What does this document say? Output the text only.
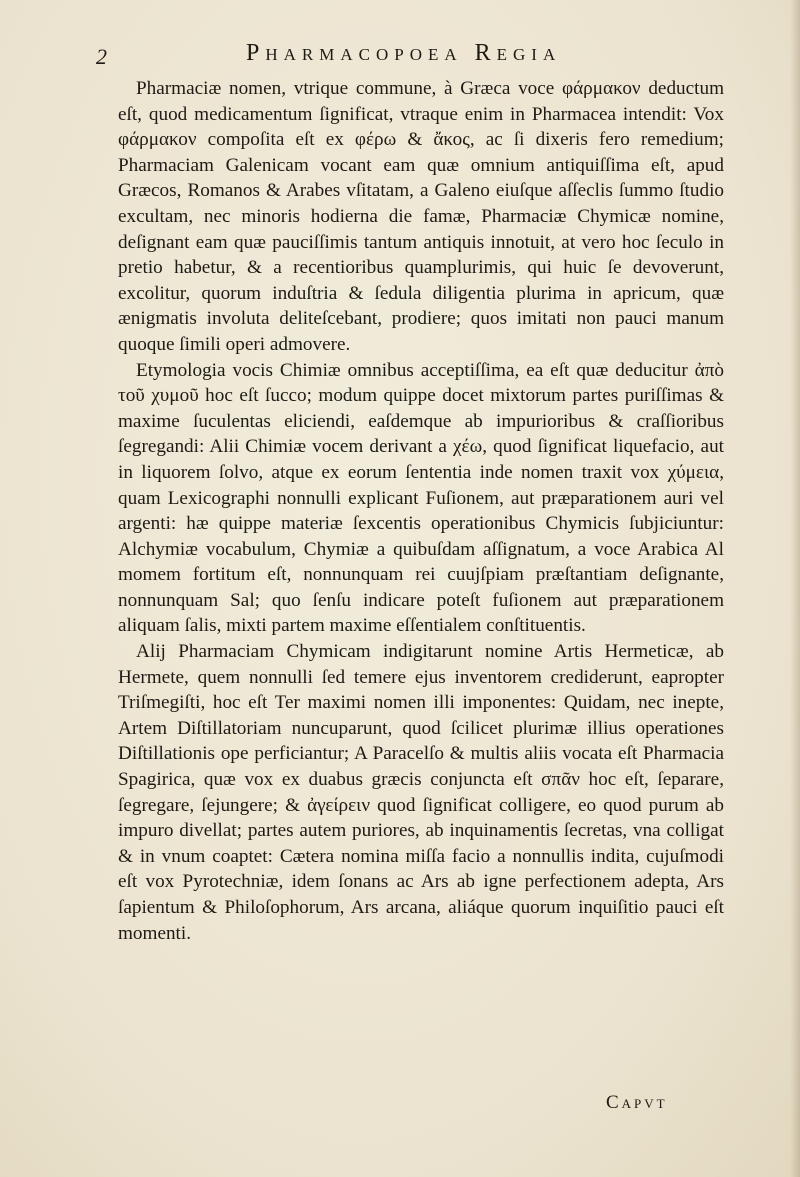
2	Pharmacopoea Regia

Pharmaciæ nomen, vtrique commune, à Græca voce φάρμακον deductum eſt, quod medicamentum ſignificat, vtraque enim in Pharmacea intendit: Vox φάρμακον compoſita eſt ex φέρω & ἄκος, ac ſi dixeris fero remedium; Pharmaciam Galenicam vocant eam quæ omnium antiquiſſima eſt, apud Græcos, Romanos & Arabes vſitatam, a Galeno eiuſque aſſeclis ſummo ſtudio excultam, nec minoris hodierna die famæ, Pharmaciæ Chymicæ nomine, deſignant eam quæ pauciſſimis tantum antiquis innotuit, at vero hoc ſeculo in pretio habetur, & a recentioribus quamplurimis, qui huic ſe devoverunt, excolitur, quorum induſtria & ſedula diligentia plurima in apricum, quæ ænigmatis involuta deliteſcebant, prodiere; quos imitati non pauci manum quoque ſimili operi admovere.

Etymologia vocis Chimiæ omnibus acceptiſſima, ea eſt quæ deducitur ἀπὸ τοῦ χυμοῦ hoc eſt ſucco; modum quippe docet mixtorum partes puriſſimas & maxime ſuculentas eliciendi, eaſdemque ab impurioribus & craſſioribus ſegregandi: Alii Chimiæ vocem derivant a χέω, quod ſignificat liquefacio, aut in liquorem ſolvo, atque ex eorum ſententia inde nomen traxit vox χύμεια, quam Lexicographi nonnulli explicant Fuſionem, aut præparationem auri vel argenti: hæ quippe materiæ ſexcentis operationibus Chymicis ſubjiciuntur: Alchymiæ vocabulum, Chymiæ a quibuſdam aſſignatum, a voce Arabica Al momem fortitum eſt, nonnunquam rei cuujſpiam præſtantiam deſignante, nonnunquam Sal; quo ſenſu indicare poteſt fuſionem aut præparationem aliquam ſalis, mixti partem maxime eſſentialem conſtituentis.

Alij Pharmaciam Chymicam indigitarunt nomine Artis Hermeticæ, ab Hermete, quem nonnulli ſed temere ejus inventorem crediderunt, eapropter Triſmegiſti, hoc eſt Ter maximi nomen illi imponentes: Quidam, nec inepte, Artem Diſtillatoriam nuncuparunt, quod ſcilicet plurimæ illius operationes Diſtillationis ope perficiantur; A Paracelſo & multis aliis vocata eſt Pharmacia Spagirica, quæ vox ex duabus græcis conjuncta eſt σπᾶν hoc eſt, ſeparare, ſegregare, ſejungere; & ἀγείρειν quod ſignificat colligere, eo quod purum ab impuro divellat; partes autem puriores, ab inquinamentis ſecretas, vna colligat & in vnum coaptet: Cætera nomina miſſa facio a nonnullis indita, cujuſmodi eſt vox Pyrotechniæ, idem ſonans ac Ars ab igne perfectionem adepta, Ars ſapientum & Philoſophorum, Ars arcana, aliáque quorum inquiſitio pauci eſt momenti.

Capvt
